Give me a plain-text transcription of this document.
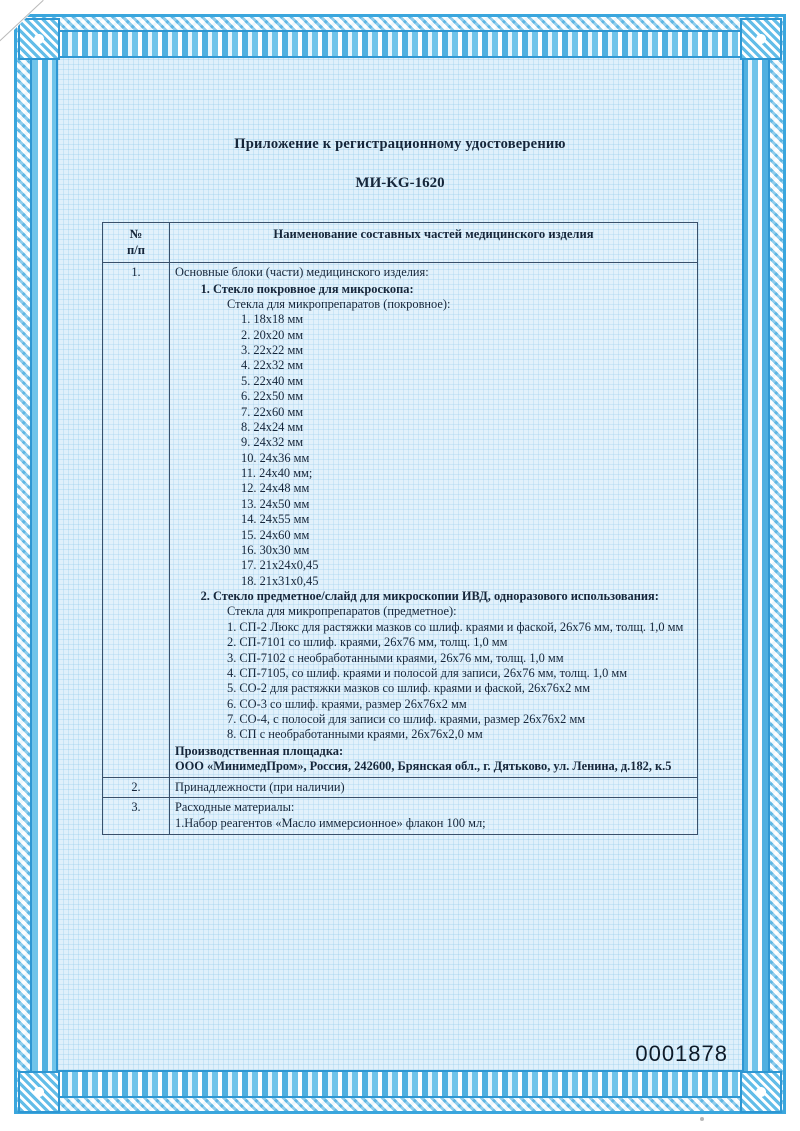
Приложение к регистрационному удостоверению
МИ-KG-1620
№
п/п	Наименование составных частей медицинского изделия
1.	Основные блоки (части) медицинского изделия:
1. Стекло покровное для микроскопа:
Стекла для микропрепаратов (покровное):
1. 18х18 мм
2. 20х20 мм
3. 22х22 мм
4. 22х32 мм
5. 22х40 мм
6. 22х50 мм
7. 22х60 мм
8. 24х24 мм
9. 24х32 мм
10. 24х36 мм
11. 24х40 мм;
12. 24х48 мм
13. 24х50 мм
14. 24х55 мм
15. 24х60 мм
16. 30х30 мм
17. 21х24х0,45
18. 21х31х0,45
2. Стекло предметное/слайд для микроскопии ИВД, одноразового использования:
Стекла для микропрепаратов (предметное):
1. СП-2 Люкс для растяжки мазков со шлиф. краями и фаской, 26х76 мм, толщ. 1,0 мм
2. СП-7101 со шлиф. краями, 26х76 мм, толщ. 1,0 мм
3. СП-7102 с необработанными краями, 26х76 мм, толщ. 1,0 мм
4. СП-7105, со шлиф. краями и полосой для записи, 26х76 мм, толщ. 1,0 мм
5. СО-2 для растяжки мазков со шлиф. краями и фаской, 26х76х2 мм
6. СО-3 со шлиф. краями, размер 26х76х2 мм
7. СО-4, с полосой для записи со шлиф. краями, размер 26х76х2 мм
8. СП с необработанными краями, 26х76х2,0 мм
Производственная площадка:
ООО «МинимедПром», Россия, 242600, Брянская обл., г. Дятьково, ул. Ленина, д.182, к.5

2.	Принадлежности (при наличии)
3.	Расходные материалы:
1.Набор реагентов «Масло иммерсионное» флакон 100 мл;
0001878
